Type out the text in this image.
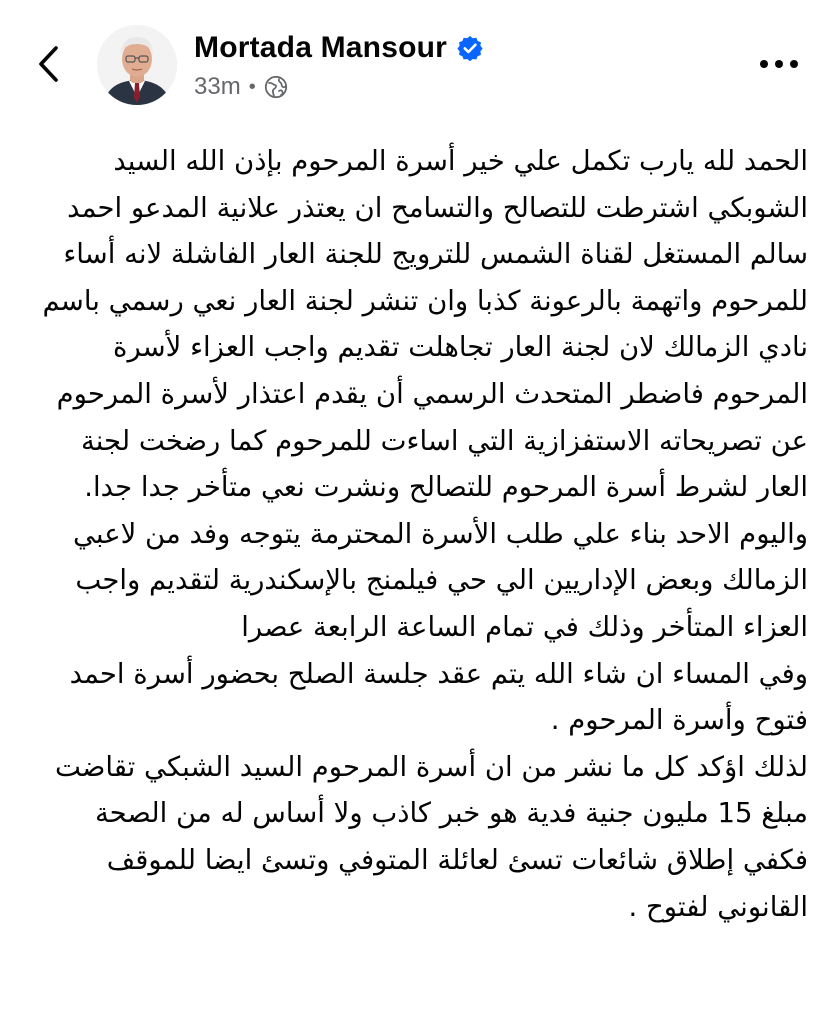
Mortada Mansour
33m •

الحمد لله يارب تكمل علي خير أسرة المرحوم بإذن الله السيد الشوبكي اشترطت للتصالح والتسامح ان يعتذر علانية المدعو احمد سالم المستغل لقناة الشمس للترويج للجنة العار الفاشلة لانه أساء للمرحوم واتهمة بالرعونة كذبا وان تنشر لجنة العار نعي رسمي باسم نادي الزمالك لان لجنة العار تجاهلت تقديم واجب العزاء لأسرة المرحوم فاضطر المتحدث الرسمي أن يقدم اعتذار لأسرة المرحوم عن تصريحاته الاستفزازية التي اساءت للمرحوم كما رضخت لجنة العار لشرط أسرة المرحوم للتصالح ونشرت نعي متأخر جدا جدا.

واليوم الاحد بناء علي طلب الأسرة المحترمة يتوجه وفد من لاعبي الزمالك وبعض الإداريين الي حي فيلمنج بالإسكندرية لتقديم واجب العزاء المتأخر وذلك في تمام الساعة الرابعة عصرا

وفي المساء ان شاء الله يتم عقد جلسة الصلح بحضور أسرة احمد فتوح وأسرة المرحوم .

لذلك اؤكد كل ما نشر من ان أسرة المرحوم السيد الشبكي تقاضت مبلغ 15 مليون جنية فدية هو خبر كاذب ولا أساس له من الصحة فكفي إطلاق شائعات تسئ لعائلة المتوفي وتسئ ايضا للموقف القانوني لفتوح .
